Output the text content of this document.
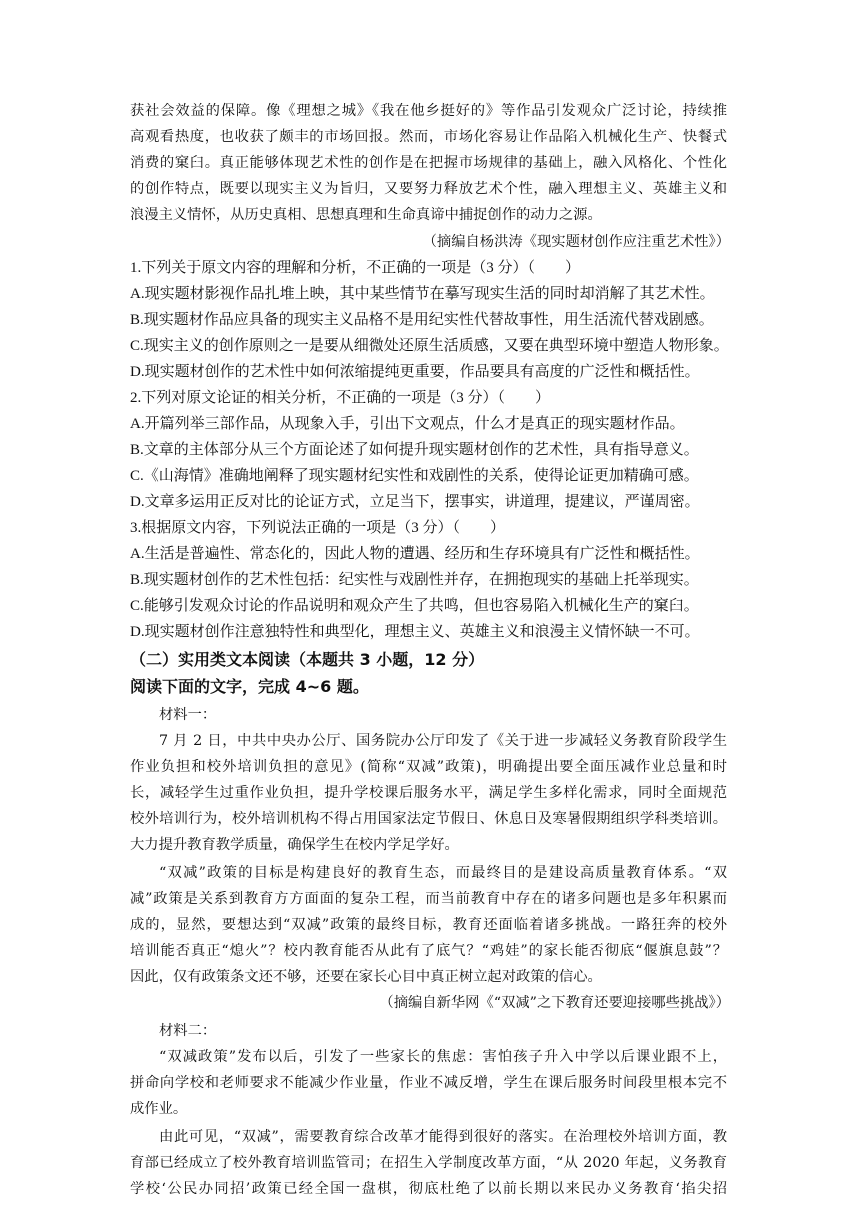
获社会效益的保障。像《理想之城》《我在他乡挺好的》等作品引发观众广泛讨论，持续推
高观看热度，也收获了颇丰的市场回报。然而，市场化容易让作品陷入机械化生产、快餐式
消费的窠臼。真正能够体现艺术性的创作是在把握市场规律的基础上，融入风格化、个性化
的创作特点，既要以现实主义为旨归，又要努力释放艺术个性，融入理想主义、英雄主义和
浪漫主义情怀，从历史真相、思想真理和生命真谛中捕捉创作的动力之源。
（摘编自杨洪涛《现实题材创作应注重艺术性》）
1.下列关于原文内容的理解和分析，不正确的一项是（3 分）（　　）
A.现实题材影视作品扎堆上映，其中某些情节在摹写现实生活的同时却消解了其艺术性。
B.现实题材作品应具备的现实主义品格不是用纪实性代替故事性，用生活流代替戏剧感。
C.现实主义的创作原则之一是要从细微处还原生活质感，又要在典型环境中塑造人物形象。
D.现实题材创作的艺术性中如何浓缩提纯更重要，作品要具有高度的广泛性和概括性。
2.下列对原文论证的相关分析，不正确的一项是（3 分）（　　）
A.开篇列举三部作品，从现象入手，引出下文观点，什么才是真正的现实题材作品。
B.文章的主体部分从三个方面论述了如何提升现实题材创作的艺术性，具有指导意义。
C.《山海情》准确地阐释了现实题材纪实性和戏剧性的关系，使得论证更加精确可感。
D.文章多运用正反对比的论证方式，立足当下，摆事实，讲道理，提建议，严谨周密。
3.根据原文内容，下列说法正确的一项是（3 分）（　　）
A.生活是普遍性、常态化的，因此人物的遭遇、经历和生存环境具有广泛性和概括性。
B.现实题材创作的艺术性包括：纪实性与戏剧性并存，在拥抱现实的基础上托举现实。
C.能够引发观众讨论的作品说明和观众产生了共鸣，但也容易陷入机械化生产的窠臼。
D.现实题材创作注意独特性和典型化，理想主义、英雄主义和浪漫主义情怀缺一不可。
（二）实用类文本阅读（本题共 3 小题，12 分）
阅读下面的文字，完成 4~6 题。
材料一：
7 月 2 日，中共中央办公厅、国务院办公厅印发了《关于进一步减轻义务教育阶段学生
作业负担和校外培训负担的意见》(简称“双减”政策)，明确提出要全面压减作业总量和时
长，减轻学生过重作业负担，提升学校课后服务水平，满足学生多样化需求，同时全面规范
校外培训行为，校外培训机构不得占用国家法定节假日、休息日及寒暑假期组织学科类培训。
大力提升教育教学质量，确保学生在校内学足学好。
“双减”政策的目标是构建良好的教育生态，而最终目的是建设高质量教育体系。“双
减”政策是关系到教育方方面面的复杂工程，而当前教育中存在的诸多问题也是多年积累而
成的，显然，要想达到“双减”政策的最终目标，教育还面临着诸多挑战。一路狂奔的校外
培训能否真正“熄火”？校内教育能否从此有了底气？“鸡娃”的家长能否彻底“偃旗息鼓”？
因此，仅有政策条文还不够，还要在家长心目中真正树立起对政策的信心。
（摘编自新华网《“双减”之下教育还要迎接哪些挑战》）
材料二：
“双减政策”发布以后，引发了一些家长的焦虑：害怕孩子升入中学以后课业跟不上，
拼命向学校和老师要求不能减少作业量，作业不减反增，学生在课后服务时间段里根本完不
成作业。
由此可见，“双减”，需要教育综合改革才能得到很好的落实。在治理校外培训方面，教
育部已经成立了校外教育培训监管司；在招生入学制度改革方面，“从 2020 年起，义务教育
学校‘公民办同招’政策已经全国一盘棋，彻底杜绝了以前长期以来民办义务教育‘掐尖招
